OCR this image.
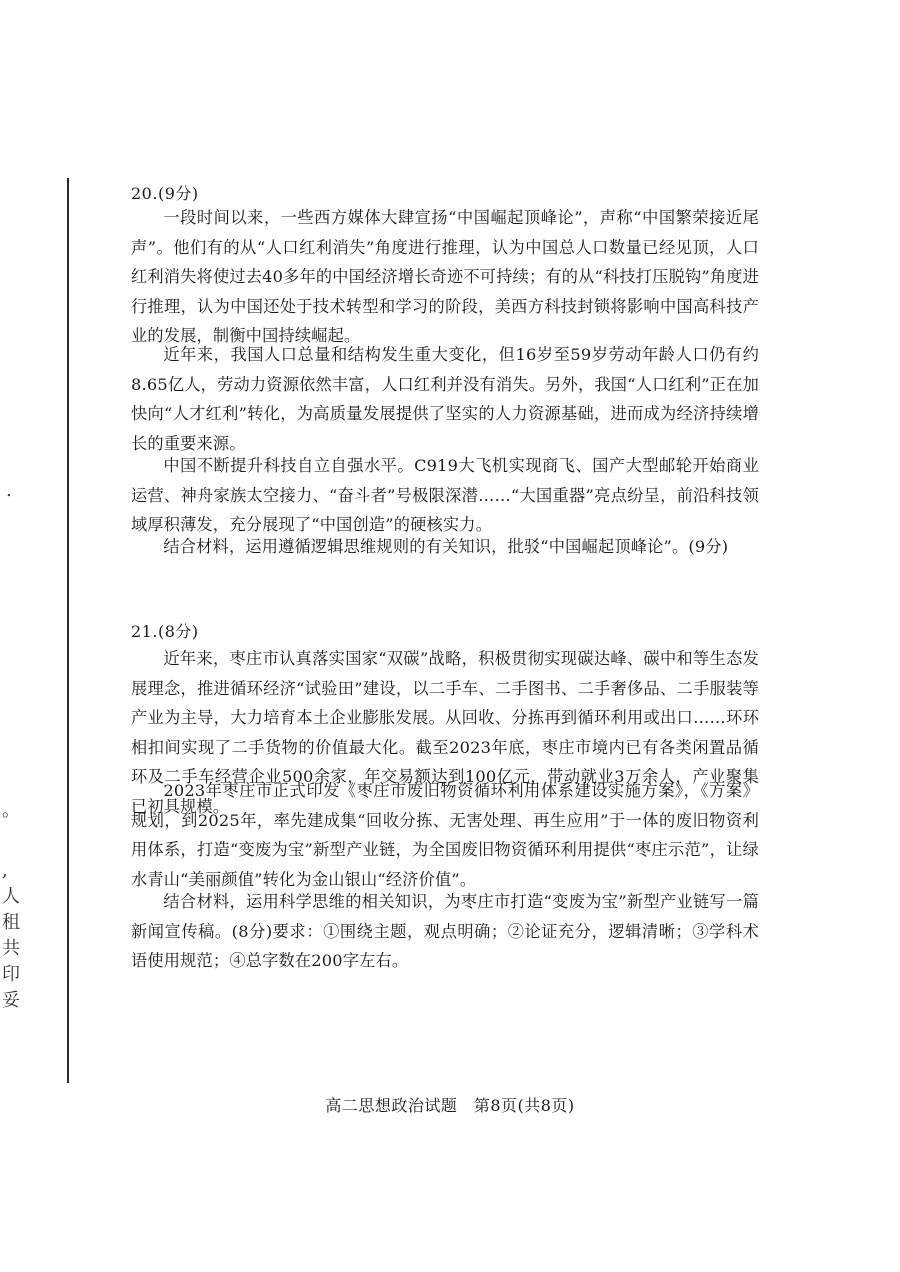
.
。
,
人
租
共
印
妥
20.(9分)

一段时间以来，一些西方媒体大肆宣扬“中国崛起顶峰论”，声称“中国繁荣接近尾声”。他们有的从“人口红利消失”角度进行推理，认为中国总人口数量已经见顶，人口红利消失将使过去40多年的中国经济增长奇迹不可持续；有的从“科技打压脱钩”角度进行推理，认为中国还处于技术转型和学习的阶段，美西方科技封锁将影响中国高科技产业的发展，制衡中国持续崛起。

近年来，我国人口总量和结构发生重大变化，但16岁至59岁劳动年龄人口仍有约8.65亿人，劳动力资源依然丰富，人口红利并没有消失。另外，我国“人口红利”正在加快向“人才红利”转化，为高质量发展提供了坚实的人力资源基础，进而成为经济持续增长的重要来源。

中国不断提升科技自立自强水平。C919大飞机实现商飞、国产大型邮轮开始商业运营、神舟家族太空接力、“奋斗者”号极限深潜……“大国重器”亮点纷呈，前沿科技领域厚积薄发，充分展现了“中国创造”的硬核实力。

结合材料，运用遵循逻辑思维规则的有关知识，批驳“中国崛起顶峰论”。(9分)

21.(8分)

近年来，枣庄市认真落实国家“双碳”战略，积极贯彻实现碳达峰、碳中和等生态发展理念，推进循环经济“试验田”建设，以二手车、二手图书、二手奢侈品、二手服装等产业为主导，大力培育本土企业膨胀发展。从回收、分拣再到循环利用或出口……环环相扣间实现了二手货物的价值最大化。截至2023年底，枣庄市境内已有各类闲置品循环及二手车经营企业500余家，年交易额达到100亿元，带动就业3万余人，产业聚集已初具规模。

2023年枣庄市正式印发《枣庄市废旧物资循环利用体系建设实施方案》，《方案》规划，到2025年，率先建成集“回收分拣、无害处理、再生应用”于一体的废旧物资利用体系，打造“变废为宝”新型产业链，为全国废旧物资循环利用提供“枣庄示范”，让绿水青山“美丽颜值”转化为金山银山“经济价值”。

结合材料，运用科学思维的相关知识，为枣庄市打造“变废为宝”新型产业链写一篇新闻宣传稿。(8分)要求：①围绕主题，观点明确；②论证充分，逻辑清晰；③学科术语使用规范；④总字数在200字左右。

高二思想政治试题　第8页(共8页)
